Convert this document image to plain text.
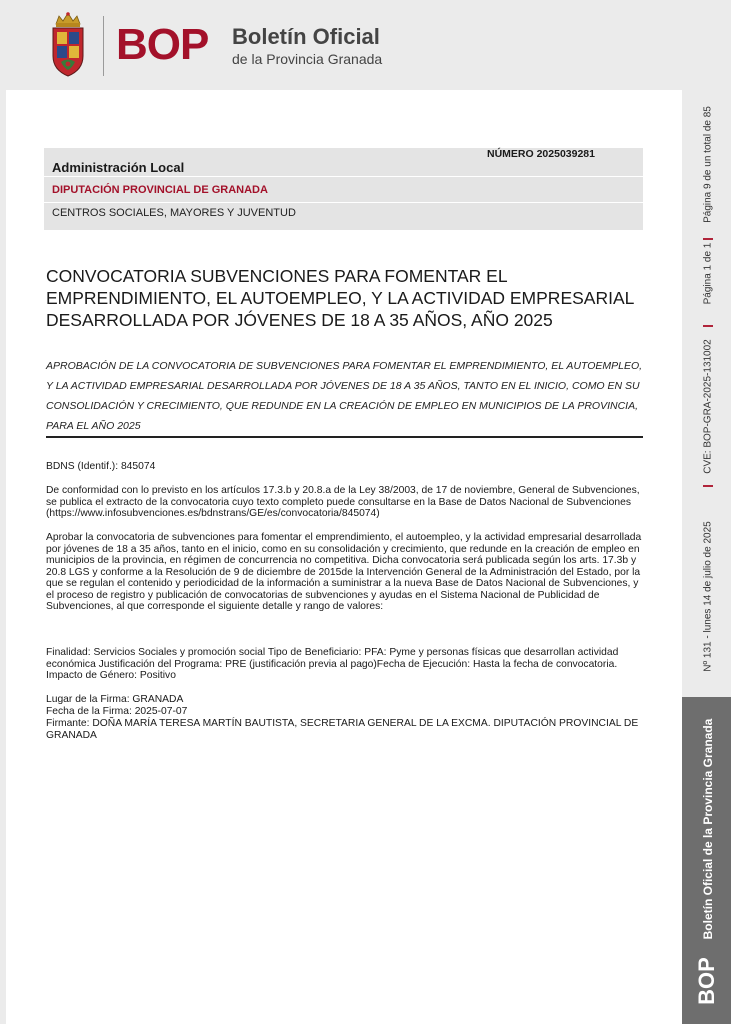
BOP Boletín Oficial
de la Provincia Granada
Página 9 de un total de 85
Página 1 de 1
CVE: BOP-GRA-2025-131002
Nº 131 - lunes 14 de julio de 2025
Boletín Oficial de la Provincia Granada
BOP
NÚMERO 2025039281
Administración Local
DIPUTACIÓN PROVINCIAL DE GRANADA
CENTROS SOCIALES, MAYORES Y JUVENTUD
CONVOCATORIA SUBVENCIONES PARA FOMENTAR EL EMPRENDIMIENTO, EL AUTOEMPLEO, Y LA ACTIVIDAD EMPRESARIAL DESARROLLADA POR JÓVENES DE 18 A 35 AÑOS, AÑO 2025
APROBACIÓN DE LA CONVOCATORIA DE SUBVENCIONES PARA FOMENTAR EL EMPRENDIMIENTO, EL AUTOEMPLEO, Y LA ACTIVIDAD EMPRESARIAL DESARROLLADA POR JÓVENES DE 18 A 35 AÑOS, TANTO EN EL INICIO, COMO EN SU CONSOLIDACIÓN Y CRECIMIENTO, QUE REDUNDE EN LA CREACIÓN DE EMPLEO EN MUNICIPIOS DE LA PROVINCIA, PARA EL AÑO 2025

BDNS (Identif.): 845074

De conformidad con lo previsto en los artículos 17.3.b y 20.8.a de la Ley 38/2003, de 17 de noviembre, General de Subvenciones, se publica el extracto de la convocatoria cuyo texto completo puede consultarse en la Base de Datos Nacional de Subvenciones (https://www.infosubvenciones.es/bdnstrans/GE/es/convocatoria/845074)

Aprobar la convocatoria de subvenciones para fomentar el emprendimiento, el autoempleo, y la actividad empresarial desarrollada por jóvenes de 18 a 35 años, tanto en el inicio, como en su consolidación y crecimiento, que redunde en la creación de empleo en municipios de la provincia, en régimen de concurrencia no competitiva. Dicha convocatoria será publicada según los arts. 17.3b y 20.8 LGS y conforme a la Resolución de 9 de diciembre de 2015de la Intervención General de la Administración del Estado, por la que se regulan el contenido y periodicidad de la información a suministrar a la nueva Base de Datos Nacional de Subvenciones, y el proceso de registro y publicación de convocatorias de subvenciones y ayudas en el Sistema Nacional de Publicidad de Subvenciones, al que corresponde el siguiente detalle y rango de valores:

Finalidad: Servicios Sociales y promoción social Tipo de Beneficiario: PFA: Pyme y personas físicas que desarrollan actividad económica Justificación del Programa: PRE (justificación previa al pago)Fecha de Ejecución: Hasta la fecha de convocatoria. Impacto de Género: Positivo

Lugar de la Firma: GRANADA

Fecha de la Firma: 2025-07-07

Firmante: DOÑA MARÍA TERESA MARTÍN BAUTISTA, SECRETARIA GENERAL DE LA EXCMA. DIPUTACIÓN PROVINCIAL DE GRANADA
